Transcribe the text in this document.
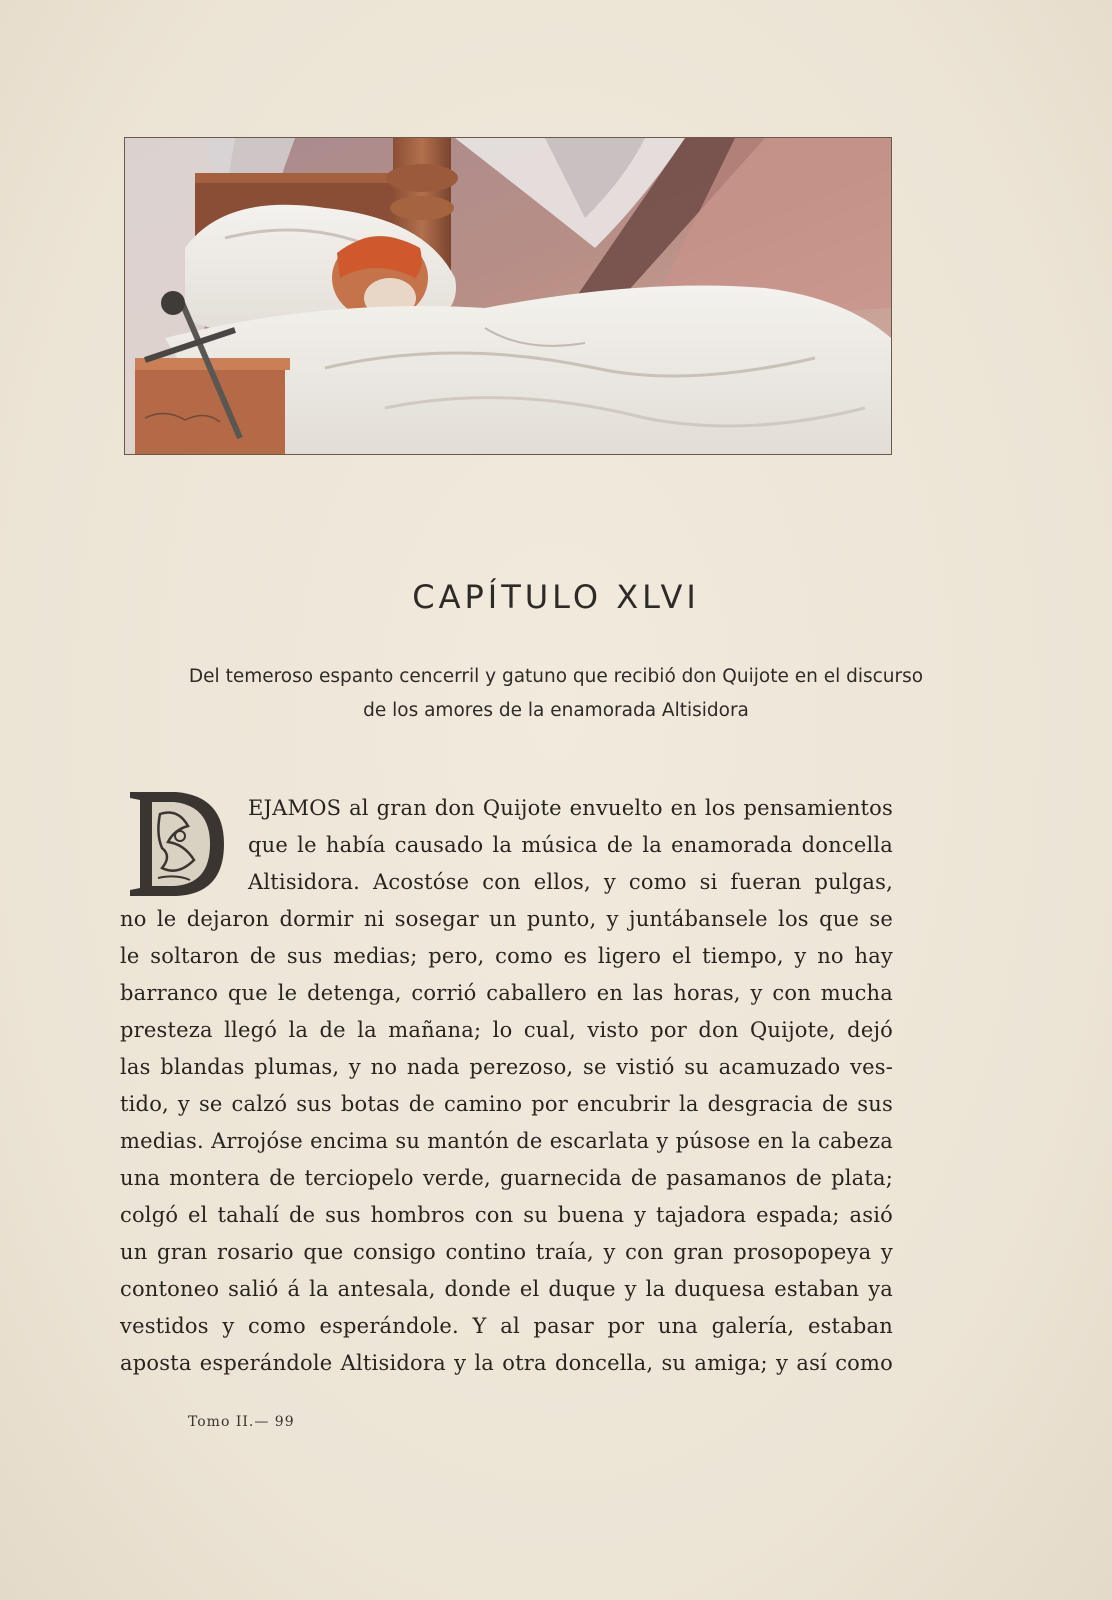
CAPÍTULO XLVI
Del temeroso espanto cencerril y gatuno que recibió don Quijote en el discurso
de los amores de la enamorada Altisidora
EJAMOS al gran don Quijote envuelto en los pensamientos
que le había causado la música de la enamorada doncella
Altisidora. Acostóse con ellos, y como si fueran pulgas,
no le dejaron dormir ni sosegar un punto, y juntábansele los que se
le soltaron de sus medias; pero, como es ligero el tiempo, y no hay
barranco que le detenga, corrió caballero en las horas, y con mucha
presteza llegó la de la mañana; lo cual, visto por don Quijote, dejó
las blandas plumas, y no nada perezoso, se vistió su acamuzado ves-
tido, y se calzó sus botas de camino por encubrir la desgracia de sus
medias. Arrojóse encima su mantón de escarlata y púsose en la cabeza
una montera de terciopelo verde, guarnecida de pasamanos de plata;
colgó el tahalí de sus hombros con su buena y tajadora espada; asió
un gran rosario que consigo contino traía, y con gran prosopopeya y
contoneo salió á la antesala, donde el duque y la duquesa estaban ya
vestidos y como esperándole. Y al pasar por una galería, estaban
aposta esperándole Altisidora y la otra doncella, su amiga; y así como
Tomo II.— 99
